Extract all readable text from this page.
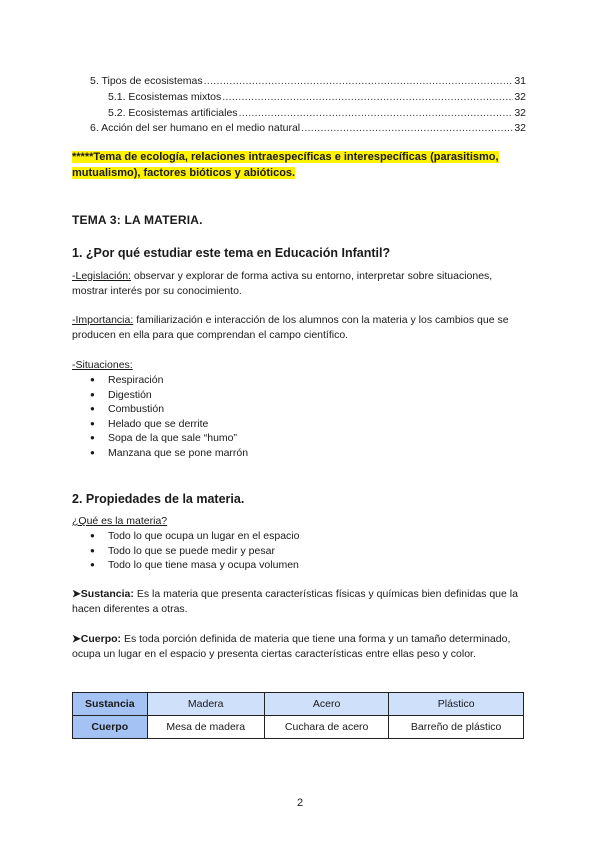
5. Tipos de ecosistemas .....	31
5.1. Ecosistemas mixtos .....	32
5.2. Ecosistemas artificiales .....	32
6. Acción del ser humano en el medio natural .....	32
*****Tema de ecología, relaciones intraespecíficas e interespecíficas (parasitismo, mutualismo), factores bióticos y abióticos.
TEMA 3: LA MATERIA.
1. ¿Por qué estudiar este tema en Educación Infantil?
-Legislación: observar y explorar de forma activa su entorno, interpretar sobre situaciones, mostrar interés por su conocimiento.
-Importancia: familiarización e interacción de los alumnos con la materia y los cambios que se producen en ella para que comprendan el campo científico.
-Situaciones:
● Respiración
● Digestión
● Combustión
● Helado que se derrite
● Sopa de la que sale “humo”
● Manzana que se pone marrón
2. Propiedades de la materia.
¿Qué es la materia?
● Todo lo que ocupa un lugar en el espacio
● Todo lo que se puede medir y pesar
● Todo lo que tiene masa y ocupa volumen
➤Sustancia: Es la materia que presenta características físicas y químicas bien definidas que la hacen diferentes a otras.
➤Cuerpo: Es toda porción definida de materia que tiene una forma y un tamaño determinado, ocupa un lugar en el espacio y presenta ciertas características entre ellas peso y color.
Sustancia	Madera	Acero	Plástico
Cuerpo	Mesa de madera	Cuchara de acero	Barreño de plástico
2
